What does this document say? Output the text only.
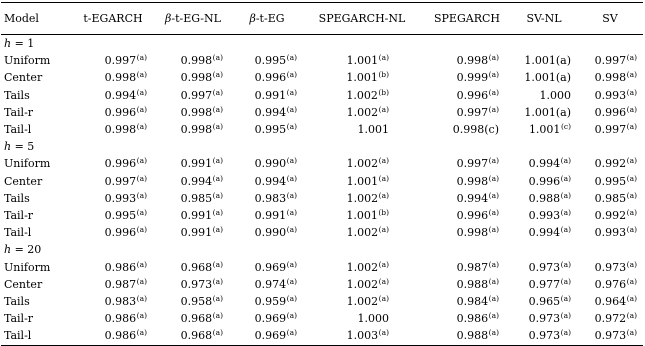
Model	t-EGARCH	β-t-EG-NL	β-t-EG	SPEGARCH-NL	SPEGARCH	SV-NL	SV
h = 1							
Uniform	0.997$^{(a)}$	0.998$^{(a)}$	0.995$^{(a)}$	1.001$^{(a)}$	0.998$^{(a)}$	1.001(a)	0.997$^{(a)}$
Center	0.998$^{(a)}$	0.998$^{(a)}$	0.996$^{(a)}$	1.001$^{(b)}$	0.999$^{(a)}$	1.001(a)	0.998$^{(a)}$
Tails	0.994$^{(a)}$	0.997$^{(a)}$	0.991$^{(a)}$	1.002$^{(b)}$	0.996$^{(a)}$	1.000	0.993$^{(a)}$
Tail-r	0.996$^{(a)}$	0.998$^{(a)}$	0.994$^{(a)}$	1.002$^{(a)}$	0.997$^{(a)}$	1.001(a)	0.996$^{(a)}$
Tail-l	0.998$^{(a)}$	0.998$^{(a)}$	0.995$^{(a)}$	1.001	0.998(c)	1.001$^{(c)}$	0.997$^{(a)}$
h = 5							
Uniform	0.996$^{(a)}$	0.991$^{(a)}$	0.990$^{(a)}$	1.002$^{(a)}$	0.997$^{(a)}$	0.994$^{(a)}$	0.992$^{(a)}$
Center	0.997$^{(a)}$	0.994$^{(a)}$	0.994$^{(a)}$	1.001$^{(a)}$	0.998$^{(a)}$	0.996$^{(a)}$	0.995$^{(a)}$
Tails	0.993$^{(a)}$	0.985$^{(a)}$	0.983$^{(a)}$	1.002$^{(a)}$	0.994$^{(a)}$	0.988$^{(a)}$	0.985$^{(a)}$
Tail-r	0.995$^{(a)}$	0.991$^{(a)}$	0.991$^{(a)}$	1.001$^{(b)}$	0.996$^{(a)}$	0.993$^{(a)}$	0.992$^{(a)}$
Tail-l	0.996$^{(a)}$	0.991$^{(a)}$	0.990$^{(a)}$	1.002$^{(a)}$	0.998$^{(a)}$	0.994$^{(a)}$	0.993$^{(a)}$
h = 20							
Uniform	0.986$^{(a)}$	0.968$^{(a)}$	0.969$^{(a)}$	1.002$^{(a)}$	0.987$^{(a)}$	0.973$^{(a)}$	0.973$^{(a)}$
Center	0.987$^{(a)}$	0.973$^{(a)}$	0.974$^{(a)}$	1.002$^{(a)}$	0.988$^{(a)}$	0.977$^{(a)}$	0.976$^{(a)}$
Tails	0.983$^{(a)}$	0.958$^{(a)}$	0.959$^{(a)}$	1.002$^{(a)}$	0.984$^{(a)}$	0.965$^{(a)}$	0.964$^{(a)}$
Tail-r	0.986$^{(a)}$	0.968$^{(a)}$	0.969$^{(a)}$	1.000	0.986$^{(a)}$	0.973$^{(a)}$	0.972$^{(a)}$
Tail-l	0.986$^{(a)}$	0.968$^{(a)}$	0.969$^{(a)}$	1.003$^{(a)}$	0.988$^{(a)}$	0.973$^{(a)}$	0.973$^{(a)}$
